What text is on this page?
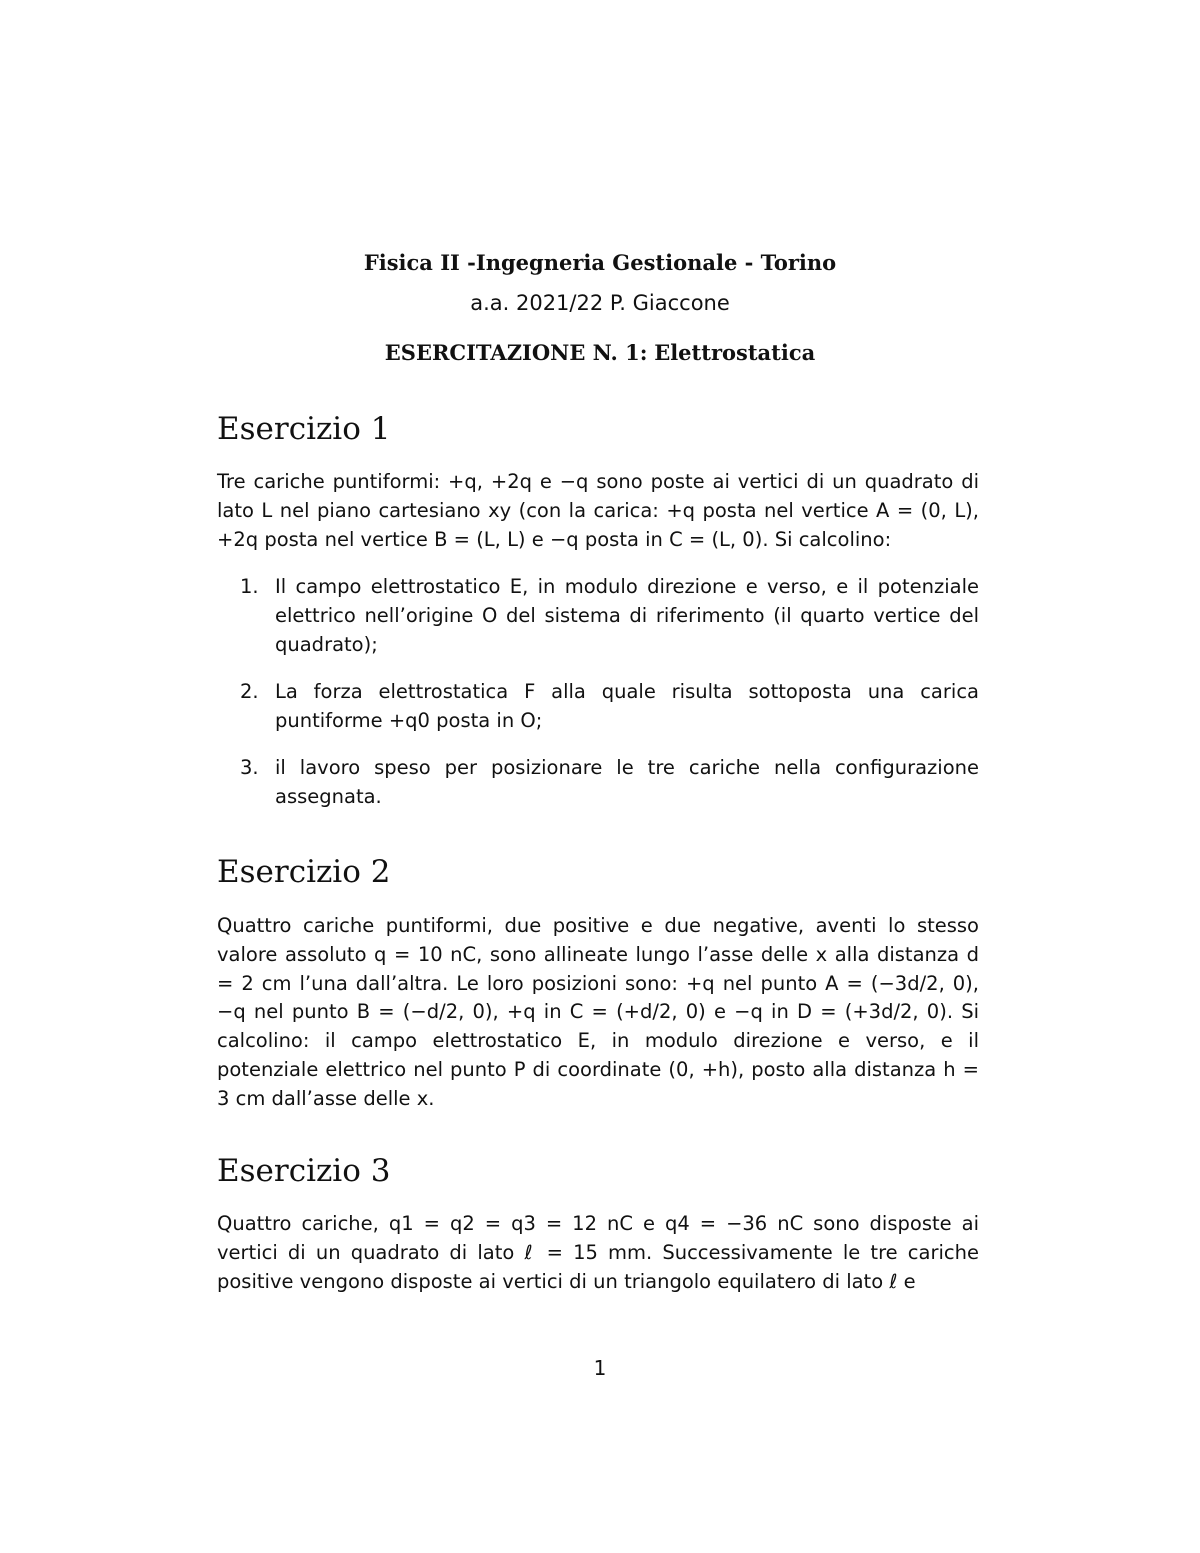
Fisica II -Ingegneria Gestionale - Torino
a.a. 2021/22 P. Giaccone
ESERCITAZIONE N. 1: Elettrostatica
Esercizio 1

Tre cariche puntiformi: +q, +2q e −q sono poste ai vertici di un quadrato di lato L nel piano cartesiano xy (con la carica: +q posta nel vertice A = (0, L), +2q posta nel vertice B = (L, L) e −q posta in C = (L, 0). Si calcolino:

1. Il campo elettrostatico E, in modulo direzione e verso, e il potenziale elettrico nell’origine O del sistema di riferimento (il quarto vertice del quadrato);
2. La forza elettrostatica F alla quale risulta sottoposta una carica puntiforme +q0 posta in O;
3. il lavoro speso per posizionare le tre cariche nella configurazione assegnata.
Esercizio 2

Quattro cariche puntiformi, due positive e due negative, aventi lo stesso valore assoluto q = 10 nC, sono allineate lungo l’asse delle x alla distanza d = 2 cm l’una dall’altra. Le loro posizioni sono: +q nel punto A = (−3d/2, 0), −q nel punto B = (−d/2, 0), +q in C = (+d/2, 0) e −q in D = (+3d/2, 0). Si calcolino: il campo elettrostatico E, in modulo direzione e verso, e il potenziale elettrico nel punto P di coordinate (0, +h), posto alla distanza h = 3 cm dall’asse delle x.

Esercizio 3

Quattro cariche, q1 = q2 = q3 = 12 nC e q4 = −36 nC sono disposte ai vertici di un quadrato di lato ℓ = 15 mm. Successivamente le tre cariche positive vengono disposte ai vertici di un triangolo equilatero di lato ℓ e

1
